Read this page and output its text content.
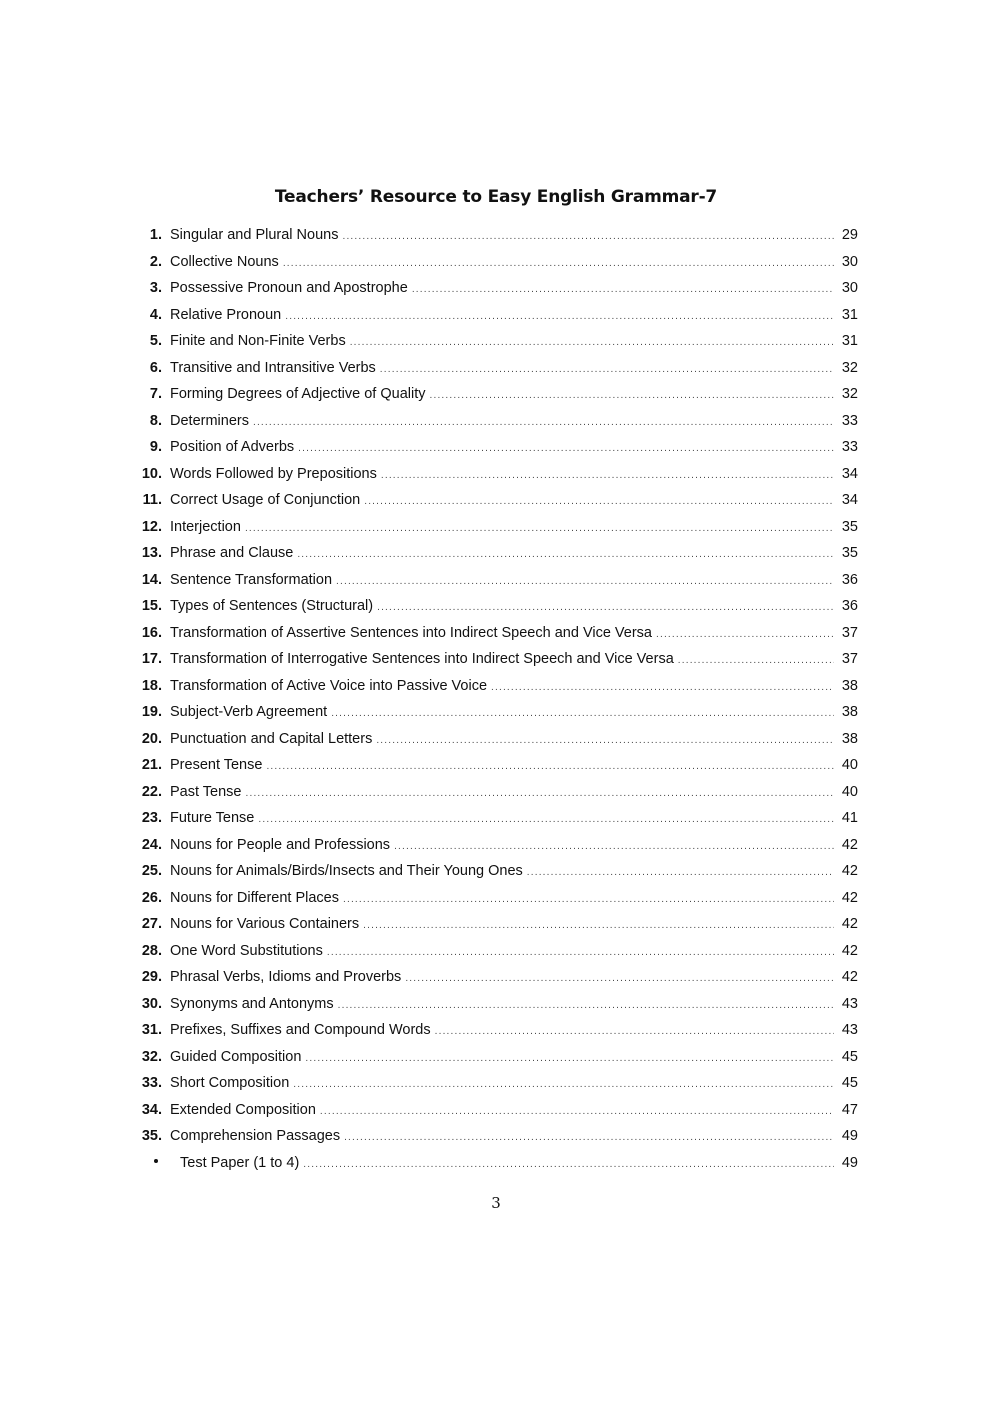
Teachers’ Resource to Easy English Grammar-7
1. Singular and Plural Nouns .....	29
2. Collective Nouns .....	30
3. Possessive Pronoun and Apostrophe .....	30
4. Relative Pronoun .....	31
5. Finite and Non-Finite Verbs .....	31
6. Transitive and Intransitive Verbs .....	32
7. Forming Degrees of Adjective of Quality .....	32
8. Determiners .....	33
9. Position of Adverbs .....	33
10. Words Followed by Prepositions .....	34
11. Correct Usage of Conjunction .....	34
12. Interjection .....	35
13. Phrase and Clause .....	35
14. Sentence Transformation .....	36
15. Types of Sentences (Structural) .....	36
16. Transformation of Assertive Sentences into Indirect Speech and Vice Versa .....	37
17. Transformation of Interrogative Sentences into Indirect Speech and Vice Versa .....	37
18. Transformation of Active Voice into Passive Voice .....	38
19. Subject-Verb Agreement .....	38
20. Punctuation and Capital Letters .....	38
21. Present Tense .....	40
22. Past Tense .....	40
23. Future Tense .....	41
24. Nouns for People and Professions .....	42
25. Nouns for Animals/Birds/Insects and Their Young Ones .....	42
26. Nouns for Different Places .....	42
27. Nouns for Various Containers .....	42
28. One Word Substitutions .....	42
29. Phrasal Verbs, Idioms and Proverbs .....	42
30. Synonyms and Antonyms .....	43
31. Prefixes, Suffixes and Compound Words .....	43
32. Guided Composition .....	45
33. Short Composition .....	45
34. Extended Composition .....	47
35. Comprehension Passages .....	49
Test Paper (1 to 4) .....	49
3
